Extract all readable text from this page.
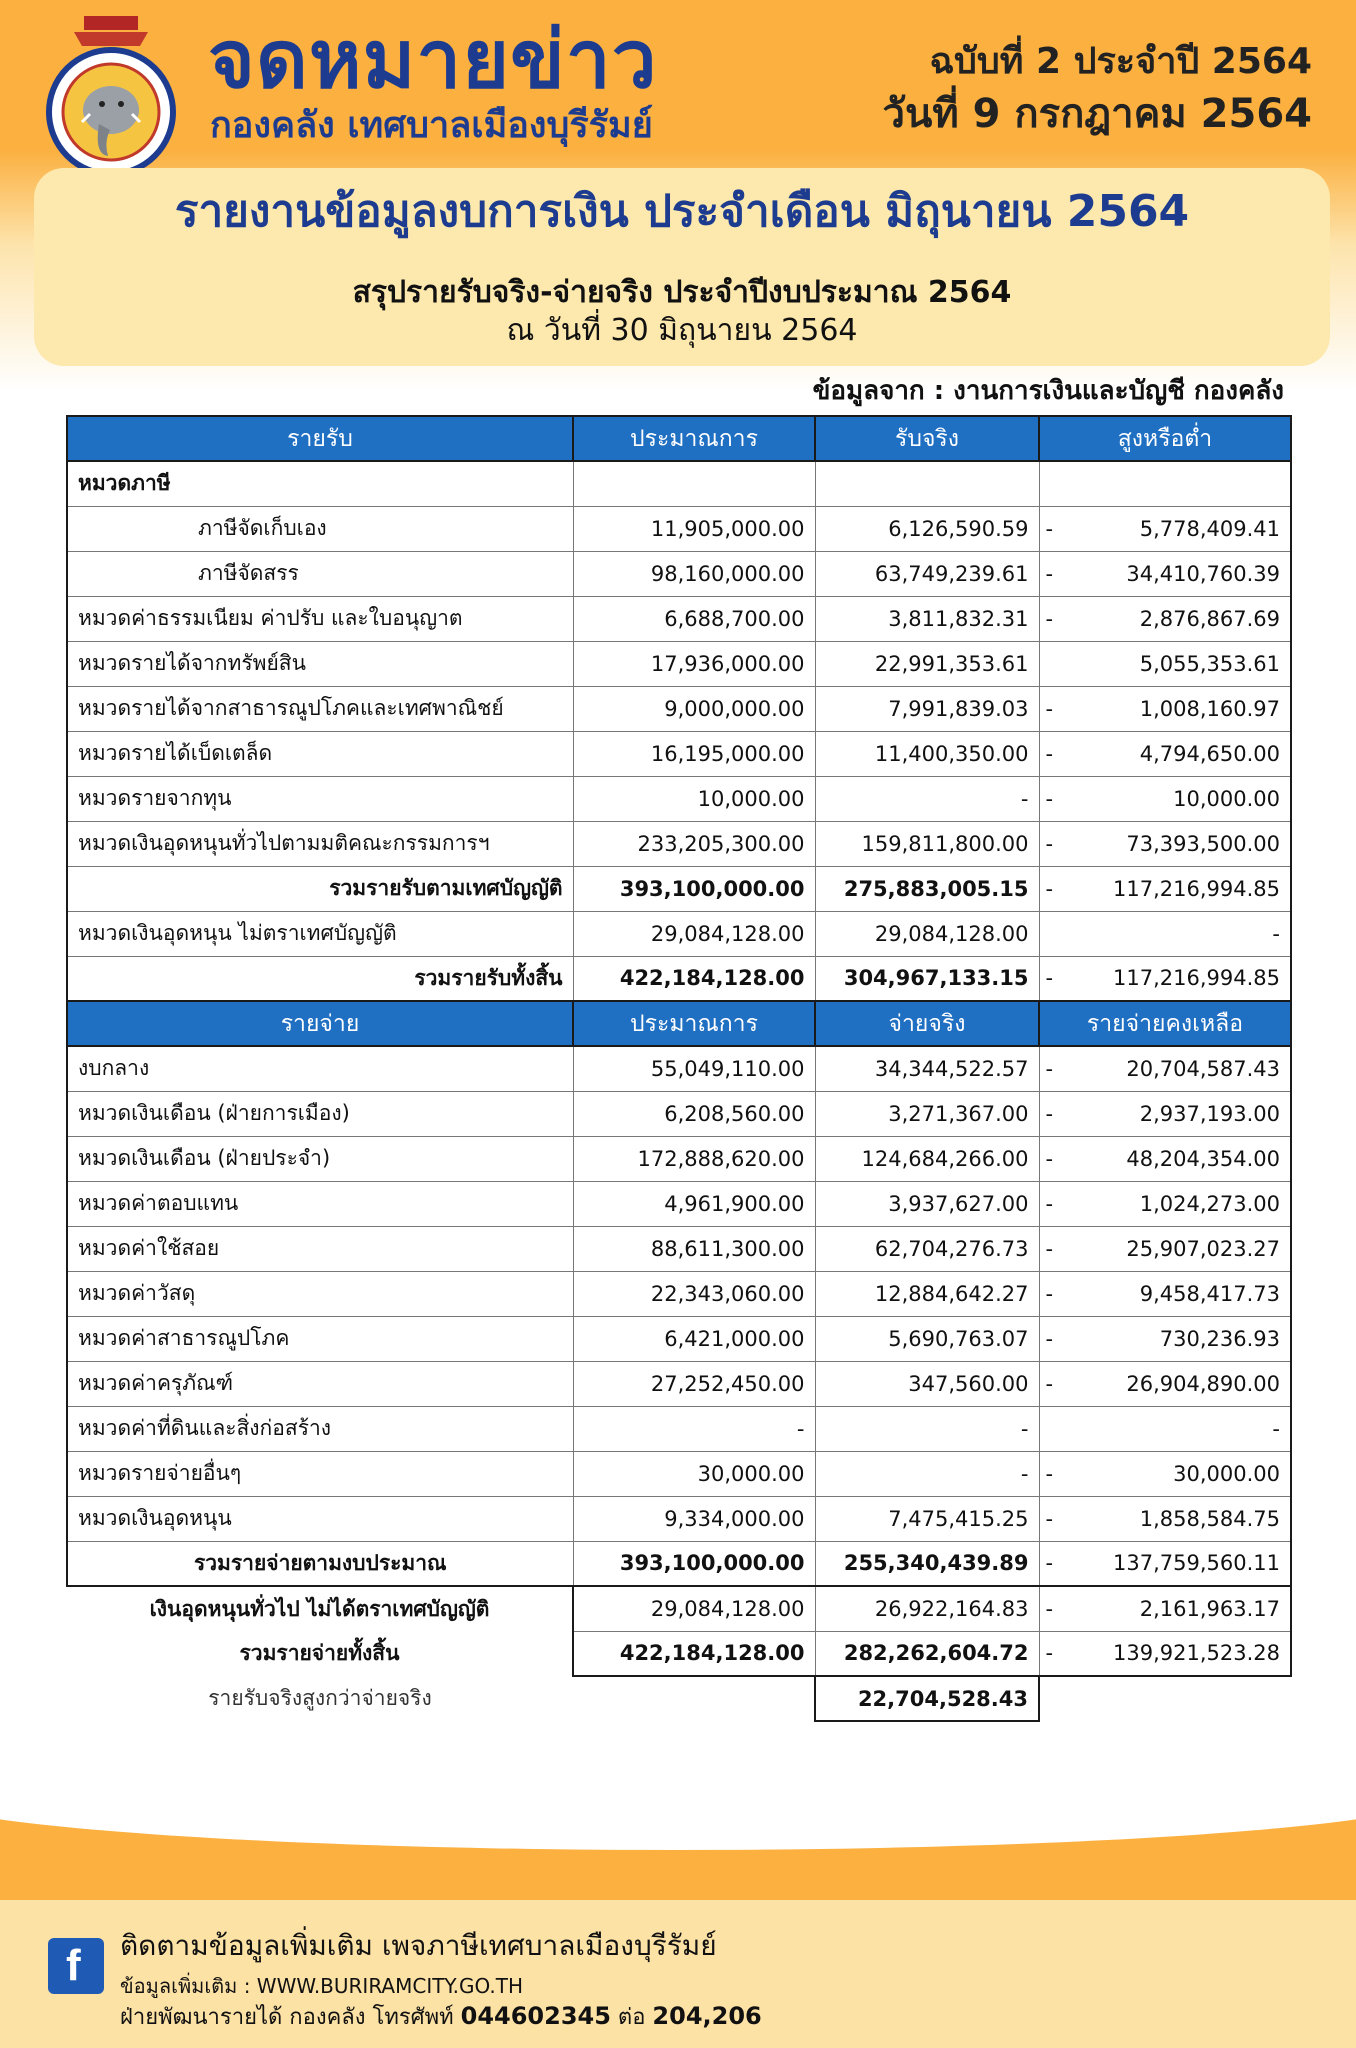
จดหมายข่าว
กองคลัง เทศบาลเมืองบุรีรัมย์
ฉบับที่ 2 ประจำปี 2564
วันที่ 9 กรกฎาคม 2564
รายงานข้อมูลงบการเงิน ประจำเดือน มิถุนายน 2564
สรุปรายรับจริง-จ่ายจริง ประจำปีงบประมาณ 2564
ณ วันที่ 30 มิถุนายน 2564
ข้อมูลจาก : งานการเงินและบัญชี กองคลัง
รายรับ	ประมาณการ	รับจริง	สูงหรือต่ำ
หมวดภาษี			
ภาษีจัดเก็บเอง	11,905,000.00	6,126,590.59	- 5,778,409.41
ภาษีจัดสรร	98,160,000.00	63,749,239.61	- 34,410,760.39
หมวดค่าธรรมเนียม ค่าปรับ และใบอนุญาต	6,688,700.00	3,811,832.31	- 2,876,867.69
หมวดรายได้จากทรัพย์สิน	17,936,000.00	22,991,353.61	5,055,353.61
หมวดรายได้จากสาธารณูปโภคและเทศพาณิชย์	9,000,000.00	7,991,839.03	- 1,008,160.97
หมวดรายได้เบ็ดเตล็ด	16,195,000.00	11,400,350.00	- 4,794,650.00
หมวดรายจากทุน	10,000.00	-	- 10,000.00
หมวดเงินอุดหนุนทั่วไปตามมติคณะกรรมการฯ	233,205,300.00	159,811,800.00	- 73,393,500.00
รวมรายรับตามเทศบัญญัติ	393,100,000.00	275,883,005.15	- 117,216,994.85
หมวดเงินอุดหนุน ไม่ตราเทศบัญญัติ	29,084,128.00	29,084,128.00	-
รวมรายรับทั้งสิ้น	422,184,128.00	304,967,133.15	- 117,216,994.85
รายจ่าย	ประมาณการ	จ่ายจริง	รายจ่ายคงเหลือ
งบกลาง	55,049,110.00	34,344,522.57	- 20,704,587.43
หมวดเงินเดือน (ฝ่ายการเมือง)	6,208,560.00	3,271,367.00	- 2,937,193.00
หมวดเงินเดือน (ฝ่ายประจำ)	172,888,620.00	124,684,266.00	- 48,204,354.00
หมวดค่าตอบแทน	4,961,900.00	3,937,627.00	- 1,024,273.00
หมวดค่าใช้สอย	88,611,300.00	62,704,276.73	- 25,907,023.27
หมวดค่าวัสดุ	22,343,060.00	12,884,642.27	- 9,458,417.73
หมวดค่าสาธารณูปโภค	6,421,000.00	5,690,763.07	- 730,236.93
หมวดค่าครุภัณฑ์	27,252,450.00	347,560.00	- 26,904,890.00
หมวดค่าที่ดินและสิ่งก่อสร้าง	-	-	-
หมวดรายจ่ายอื่นๆ	30,000.00	-	- 30,000.00
หมวดเงินอุดหนุน	9,334,000.00	7,475,415.25	- 1,858,584.75
รวมรายจ่ายตามงบประมาณ	393,100,000.00	255,340,439.89	- 137,759,560.11
เงินอุดหนุนทั่วไป ไม่ได้ตราเทศบัญญัติ	29,084,128.00	26,922,164.83	- 2,161,963.17
รวมรายจ่ายทั้งสิ้น	422,184,128.00	282,262,604.72	- 139,921,523.28
รายรับจริงสูงกว่าจ่ายจริง		22,704,528.43	
f ติดตามข้อมูลเพิ่มเติม เพจภาษีเทศบาลเมืองบุรีรัมย์
ข้อมูลเพิ่มเติม : WWW.BURIRAMCITY.GO.TH
ฝ่ายพัฒนารายได้ กองคลัง โทรศัพท์ 044602345 ต่อ 204,206
